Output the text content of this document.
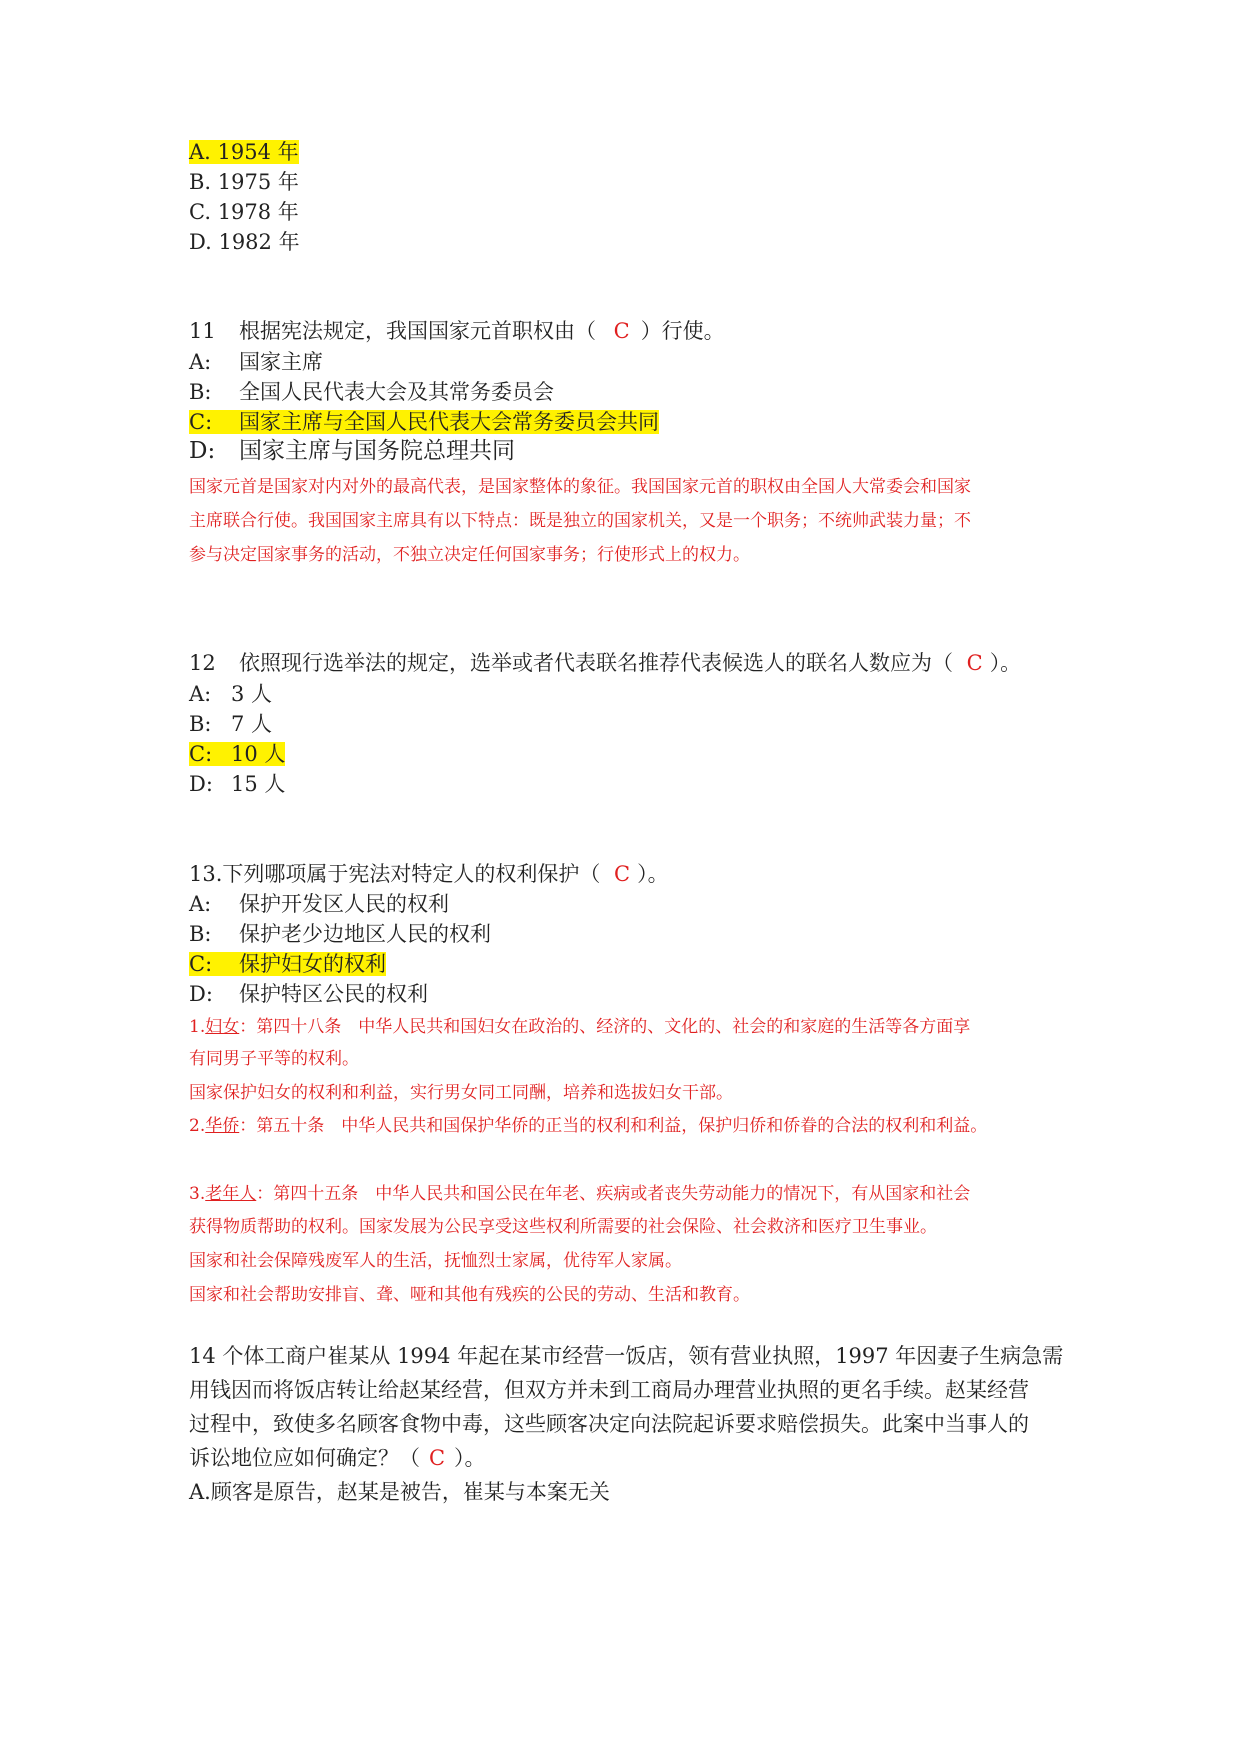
A. 1954 年
B. 1975 年
C. 1978 年
D. 1982 年
11 根据宪法规定，我国国家元首职权由（ C ）行使。
A: 国家主席
B: 全国人民代表大会及其常务委员会
C: 国家主席与全国人民代表大会常务委员会共同
D: 国家主席与国务院总理共同
国家元首是国家对内对外的最高代表，是国家整体的象征。我国国家元首的职权由全国人大常委会和国家
主席联合行使。我国国家主席具有以下特点：既是独立的国家机关，又是一个职务；不统帅武装力量；不
参与决定国家事务的活动，不独立决定任何国家事务；行使形式上的权力。
12 依照现行选举法的规定，选举或者代表联名推荐代表候选人的联名人数应为（ C ）。
A: 3 人
B: 7 人
C: 10 人
D: 15 人
13.下列哪项属于宪法对特定人的权利保护（ C ）。
A: 保护开发区人民的权利
B: 保护老少边地区人民的权利
C: 保护妇女的权利
D: 保护特区公民的权利
1.妇女：第四十八条　中华人民共和国妇女在政治的、经济的、文化的、社会的和家庭的生活等各方面享
有同男子平等的权利。
国家保护妇女的权利和利益，实行男女同工同酬，培养和选拔妇女干部。
2.华侨：第五十条　中华人民共和国保护华侨的正当的权利和利益，保护归侨和侨眷的合法的权利和利益。
3.老年人：第四十五条　中华人民共和国公民在年老、疾病或者丧失劳动能力的情况下，有从国家和社会
获得物质帮助的权利。国家发展为公民享受这些权利所需要的社会保险、社会救济和医疗卫生事业。
国家和社会保障残废军人的生活，抚恤烈士家属，优待军人家属。
国家和社会帮助安排盲、聋、哑和其他有残疾的公民的劳动、生活和教育。
14 个体工商户崔某从 1994 年起在某市经营一饭店，领有营业执照，1997 年因妻子生病急需
用钱因而将饭店转让给赵某经营，但双方并未到工商局办理营业执照的更名手续。赵某经营
过程中，致使多名顾客食物中毒，这些顾客决定向法院起诉要求赔偿损失。此案中当事人的
诉讼地位应如何确定？（ C ）。
A.顾客是原告，赵某是被告，崔某与本案无关
